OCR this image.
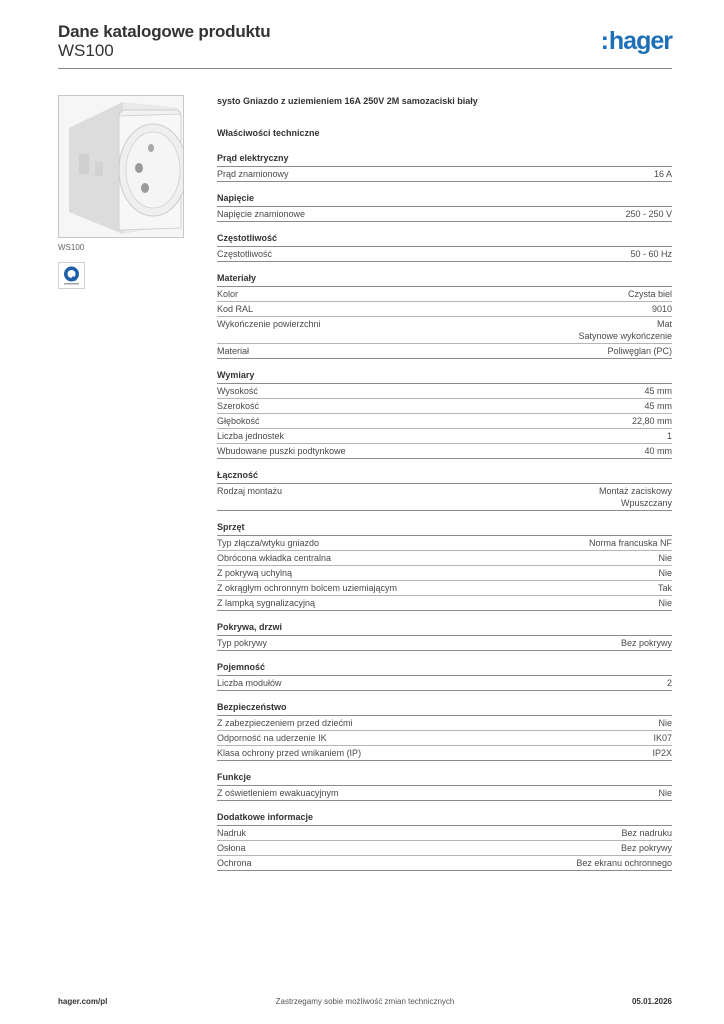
Dane katalogowe produktu
WS100	:hager
WS100
systo Gniazdo z uziemieniem 16A 250V 2M samozaciski biały
Właściwości techniczne
Prąd elektryczny
Prąd znamionowy	16 A
Napięcie
Napięcie znamionowe	250 - 250 V
Częstotliwość
Częstotliwość	50 - 60 Hz
Materiały
Kolor	Czysta biel
Kod RAL	9010
Wykończenie powierzchni	Mat
Satynowe wykończenie
Materiał	Poliwęglan (PC)
Wymiary
Wysokość	45 mm
Szerokość	45 mm
Głębokość	22,80 mm
Liczba jednostek	1
Wbudowane puszki podtynkowe	40 mm
Łączność
Rodzaj montażu	Montaż zaciskowy
Wpuszczany
Sprzęt
Typ złącza/wtyku gniazdo	Norma francuska NF
Obrócona wkładka centralna	Nie
Z pokrywą uchylną	Nie
Z okrągłym ochronnym bolcem uziemiającym	Tak
Z lampką sygnalizacyjną	Nie
Pokrywa, drzwi
Typ pokrywy	Bez pokrywy
Pojemność
Liczba modułów	2
Bezpieczeństwo
Z zabezpieczeniem przed dziećmi	Nie
Odporność na uderzenie IK	IK07
Klasa ochrony przed wnikaniem (IP)	IP2X
Funkcje
Z oświetleniem ewakuacyjnym	Nie
Dodatkowe informacje
Nadruk	Bez nadruku
Osłona	Bez pokrywy
Ochrona	Bez ekranu ochronnego
hager.com/pl	Zastrzegamy sobie możliwość zmian technicznych	05.01.2026
